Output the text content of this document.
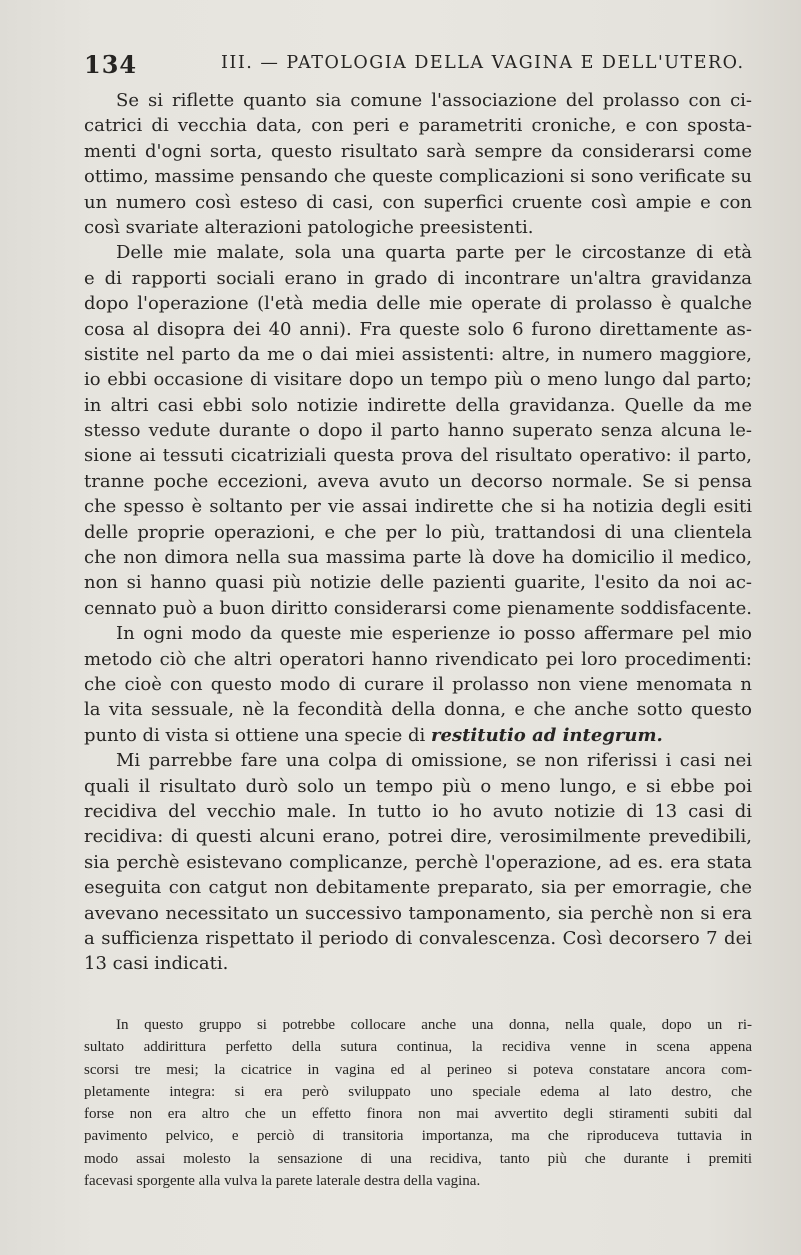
134	III. — PATOLOGIA DELLA VAGINA E DELL'UTERO.
Se si riflette quanto sia comune l'associazione del prolasso con ci-
catrici di vecchia data, con peri e parametriti croniche, e con sposta-
menti d'ogni sorta, questo risultato sarà sempre da considerarsi come
ottimo, massime pensando che queste complicazioni si sono verificate su
un numero così esteso di casi, con superfici cruente così ampie e con
così svariate alterazioni patologiche preesistenti.
Delle mie malate, sola una quarta parte per le circostanze di età
e di rapporti sociali erano in grado di incontrare un'altra gravidanza
dopo l'operazione (l'età media delle mie operate di prolasso è qualche
cosa al disopra dei 40 anni). Fra queste solo 6 furono direttamente as-
sistite nel parto da me o dai miei assistenti: altre, in numero maggiore,
io ebbi occasione di visitare dopo un tempo più o meno lungo dal parto;
in altri casi ebbi solo notizie indirette della gravidanza. Quelle da me
stesso vedute durante o dopo il parto hanno superato senza alcuna le-
sione ai tessuti cicatriziali questa prova del risultato operativo: il parto,
tranne poche eccezioni, aveva avuto un decorso normale. Se si pensa
che spesso è soltanto per vie assai indirette che si ha notizia degli esiti
delle proprie operazioni, e che per lo più, trattandosi di una clientela
che non dimora nella sua massima parte là dove ha domicilio il medico,
non si hanno quasi più notizie delle pazienti guarite, l'esito da noi ac-
cennato può a buon diritto considerarsi come pienamente soddisfacente.
In ogni modo da queste mie esperienze io posso affermare pel mio
metodo ciò che altri operatori hanno rivendicato pei loro procedimenti:
che cioè con questo modo di curare il prolasso non viene menomata n
la vita sessuale, nè la fecondità della donna, e che anche sotto questo
punto di vista si ottiene una specie di restitutio ad integrum.
Mi parrebbe fare una colpa di omissione, se non riferissi i casi nei
quali il risultato durò solo un tempo più o meno lungo, e si ebbe poi
recidiva del vecchio male. In tutto io ho avuto notizie di 13 casi di
recidiva: di questi alcuni erano, potrei dire, verosimilmente prevedibili,
sia perchè esistevano complicanze, perchè l'operazione, ad es. era stata
eseguita con catgut non debitamente preparato, sia per emorragie, che
avevano necessitato un successivo tamponamento, sia perchè non si era
a sufficienza rispettato il periodo di convalescenza. Così decorsero 7 dei
13 casi indicati.
In questo gruppo si potrebbe collocare anche una donna, nella quale, dopo un ri-
sultato addirittura perfetto della sutura continua, la recidiva venne in scena appena
scorsi tre mesi; la cicatrice in vagina ed al perineo si poteva constatare ancora com-
pletamente integra: si era però sviluppato uno speciale edema al lato destro, che
forse non era altro che un effetto finora non mai avvertito degli stiramenti subiti dal
pavimento pelvico, e perciò di transitoria importanza, ma che riproduceva tuttavia in
modo assai molesto la sensazione di una recidiva, tanto più che durante i premiti
facevasi sporgente alla vulva la parete laterale destra della vagina.
